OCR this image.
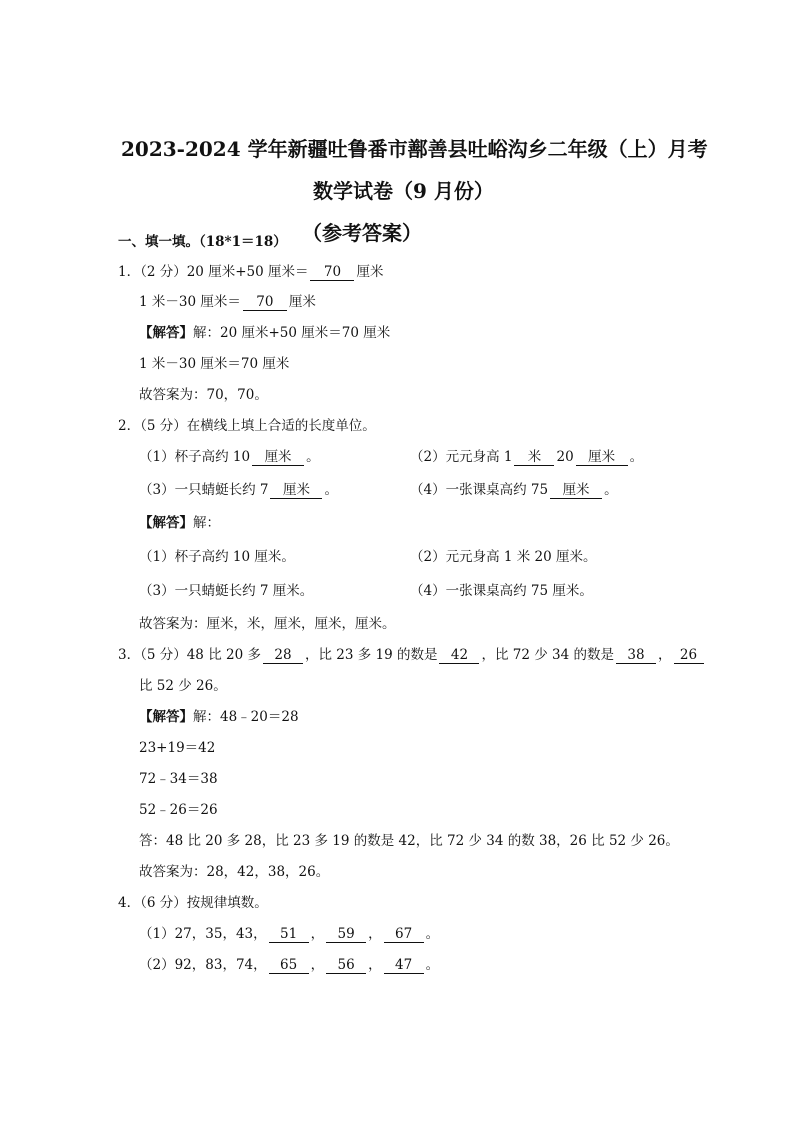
2023-2024 学年新疆吐鲁番市鄯善县吐峪沟乡二年级（上）月考
数学试卷（9 月份）
（参考答案）
一、填一填。（18*1＝18）
1．（2 分）20 厘米+50 厘米＝ 70 厘米
1 米－30 厘米＝ 70 厘米
【解答】解：20 厘米+50 厘米＝70 厘米
1 米－30 厘米＝70 厘米
故答案为：70，70。
2．（5 分）在横线上填上合适的长度单位。
（1）杯子高约 10 厘米 。	（2）元元身高 1 米 20 厘米 。
（3）一只蜻蜓长约 7 厘米 。	（4）一张课桌高约 75 厘米 。
【解答】解：
（1）杯子高约 10 厘米。	（2）元元身高 1 米 20 厘米。
（3）一只蜻蜓长约 7 厘米。	（4）一张课桌高约 75 厘米。
故答案为：厘米，米，厘米，厘米，厘米。
3．（5 分）48 比 20 多 28 ，比 23 多 19 的数是 42 ，比 72 少 34 的数是 38 ， 26
比 52 少 26。
【解答】解：48﹣20＝28
23+19＝42
72﹣34＝38
52﹣26＝26
答：48 比 20 多 28，比 23 多 19 的数是 42，比 72 少 34 的数 38，26 比 52 少 26。
故答案为：28，42，38，26。
4．（6 分）按规律填数。
（1）27，35，43， 51 ， 59 ， 67 。
（2）92，83，74， 65 ， 56 ， 47 。
